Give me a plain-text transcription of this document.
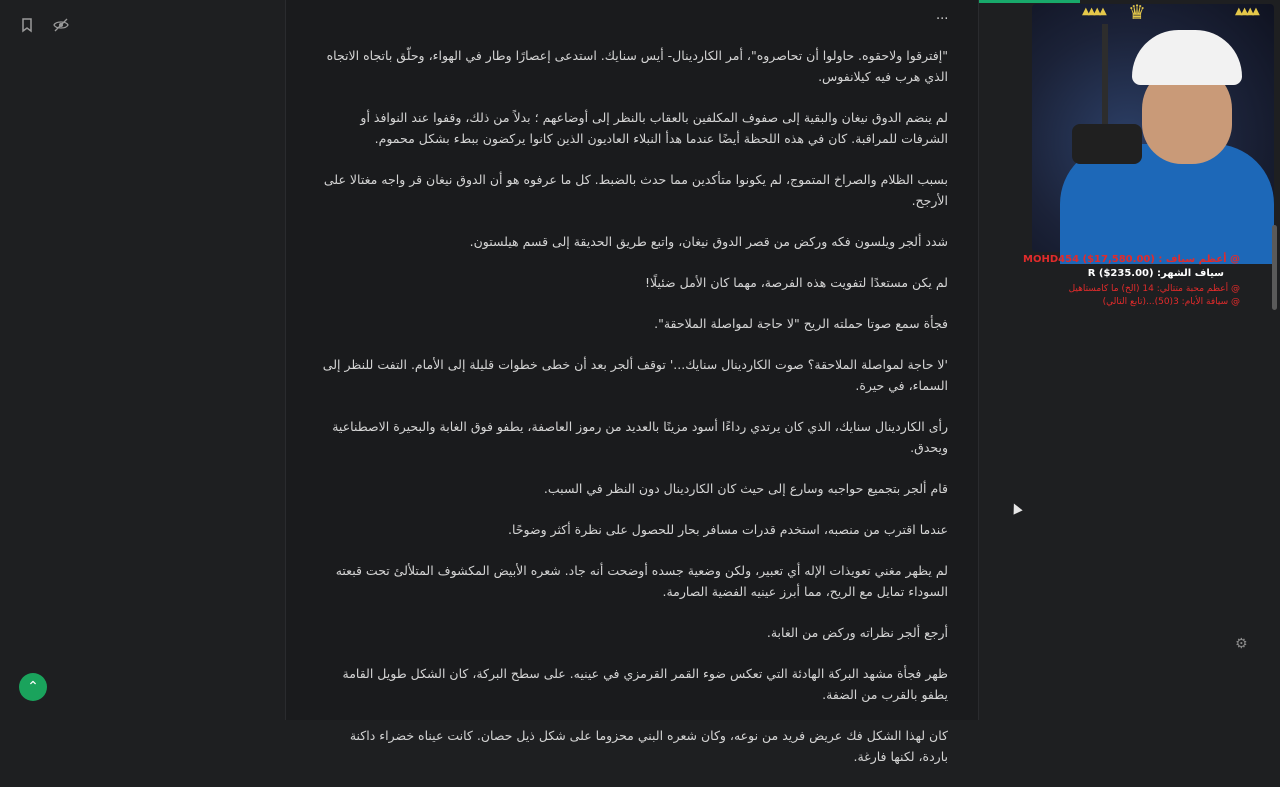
...

"إفترقوا ولاحقوه. حاولوا أن تحاصروه"، أمر الكاردينال- أيس سنايك. استدعى إعصارًا وطار في الهواء، وحلّق باتجاه الاتجاه الذي هرب فيه كيلانفوس.

لم ينضم الدوق نيغان والبقية إلى صفوف المكلفين بالعقاب بالنظر إلى أوضاعهم ؛ بدلاً من ذلك، وقفوا عند النوافذ أو الشرفات للمراقبة. كان في هذه اللحظة أيضًا عندما هدأ النبلاء العاديون الذين كانوا يركضون ببطء بشكل محموم.

بسبب الظلام والصراخ المتموج، لم يكونوا متأكدين مما حدث بالضبط. كل ما عرفوه هو أن الدوق نيغان قر واجه مغتالا على الأرجح.

شدد ألجر ويلسون فكه وركض من قصر الدوق نيغان، واتبع طريق الحديقة إلى قسم هيلستون.

لم يكن مستعدًا لتفويت هذه الفرصة، مهما كان الأمل ضئيلًا!

فجأة سمع صوتا حملته الريح "لا حاجة لمواصلة الملاحقة".

'لا حاجة لمواصلة الملاحقة؟ صوت الكاردينال سنايك...' توقف ألجر بعد أن خطى خطوات قليلة إلى الأمام. التفت للنظر إلى السماء، في حيرة.

رأى الكاردينال سنايك، الذي كان يرتدي رداءًا أسود مزينًا بالعديد من رموز العاصفة، يطفو فوق الغابة والبحيرة الاصطناعية ويحدق.

قام ألجر بتجميع حواجبه وسارع إلى حيث كان الكاردينال دون النظر في السبب.

عندما اقترب من منصبه، استخدم قدرات مسافر بحار للحصول على نظرة أكثر وضوحًا.

لم يظهر مغني تعويذات الإله أي تعبير، ولكن وضعية جسده أوضحت أنه جاد. شعره الأبيض المكشوف المتلألئ تحت قبعته السوداء تمايل مع الريح، مما أبرز عينيه الفضية الصارمة.

أرجع ألجر نظراته وركض من الغابة.

ظهر فجأة مشهد البركة الهادئة التي تعكس ضوء القمر القرمزي في عينيه. على سطح البركة، كان الشكل طويل القامة يطفو بالقرب من الضفة.

كان لهذا الشكل فك عريض فريد من نوعه، وكان شعره البني محزوما على شكل ذيل حصان. كانت عيناه خضراء داكنة باردة، لكنها فارغة.

▲▲▲▲ ♛	▲▲▲▲
@ أعظم سياف : MOHD454 ($17,580.00)
سياف الشهر: R ($235.00)
@ أعظم محبة متتالي: 14 (الخ) ما كامستاهيل
@ سيافة الأيام: 3(50)...(تابع التالي)
⚙
⌃
